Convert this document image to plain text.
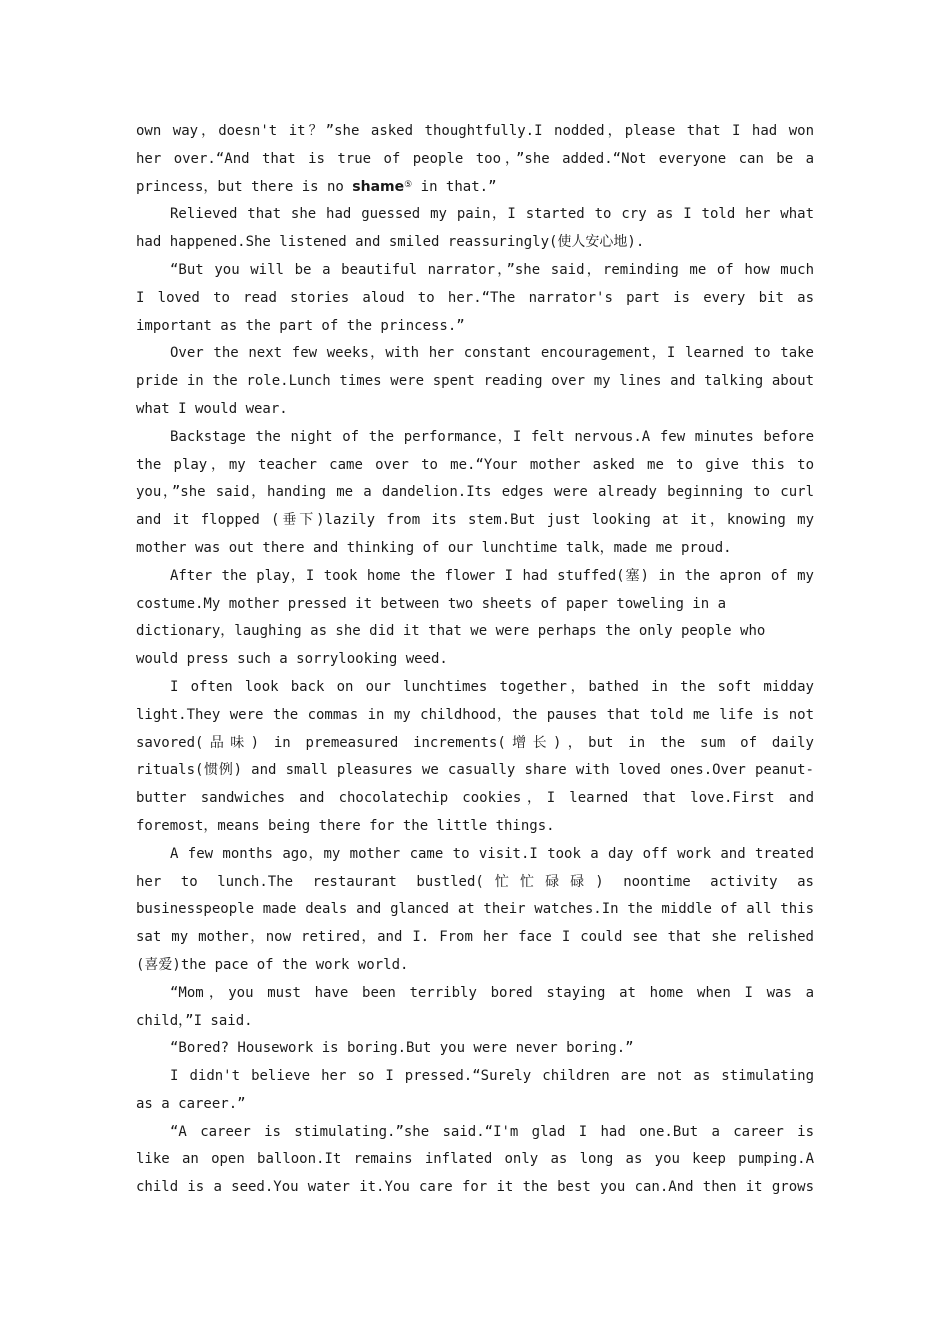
own way，doesn't it？”she asked thoughtfully.I nodded，please that I had won
her over.“And that is true of people too，”she added.“Not everyone can be a
princess，but there is no shame⑤ in that.”
Relieved that she had guessed my pain，I started to cry as I told her what
had happened.She listened and smiled reassuringly(使人安心地).
“But you will be a beautiful narrator，”she said，reminding me of how much
I loved to read stories aloud to her.“The narrator's part is every bit as
important as the part of the princess.”
Over the next few weeks，with her constant encouragement，I learned to take
pride in the role.Lunch times were spent reading over my lines and talking about
what I would wear.
Backstage the night of the performance，I felt nervous.A few minutes before
the play，my teacher came over to me.“Your mother asked me to give this to
you，”she said，handing me a dandelion.Its edges were already beginning to curl
and it flopped (垂下)lazily from its stem.But just looking at it，knowing my
mother was out there and thinking of our lunchtime talk，made me proud.
After the play，I took home the flower I had stuffed(塞) in the apron of my
costume.My mother pressed it between two sheets of paper toweling in a
dictionary，laughing as she did it that we were perhaps the only people who
would press such a sorrylooking weed.
I often look back on our lunchtimes together，bathed in the soft midday
light.They were the commas in my childhood，the pauses that told me life is not
savored(品味) in premeasured increments(增长)，but in the sum of daily
rituals(惯例) and small pleasures we casually share with loved ones.Over peanut-
butter sandwiches and chocolatechip cookies，I learned that love.First and
foremost，means being there for the little things.
A few months ago，my mother came to visit.I took a day off work and treated
her to lunch.The restaurant bustled(忙忙碌碌) noontime activity as
businesspeople made deals and glanced at their watches.In the middle of all this
sat my mother，now retired，and I. From her face I could see that she relished
(喜爱)the pace of the work world.
“Mom，you must have been terribly bored staying at home when I was a
child，”I said.
“Bored? Housework is boring.But you were never boring.”
I didn't believe her so I pressed.“Surely children are not as stimulating
as a career.”
“A career is stimulating.”she said.“I'm glad I had one.But a career is
like an open balloon.It remains inflated only as long as you keep pumping.A
child is a seed.You water it.You care for it the best you can.And then it grows
